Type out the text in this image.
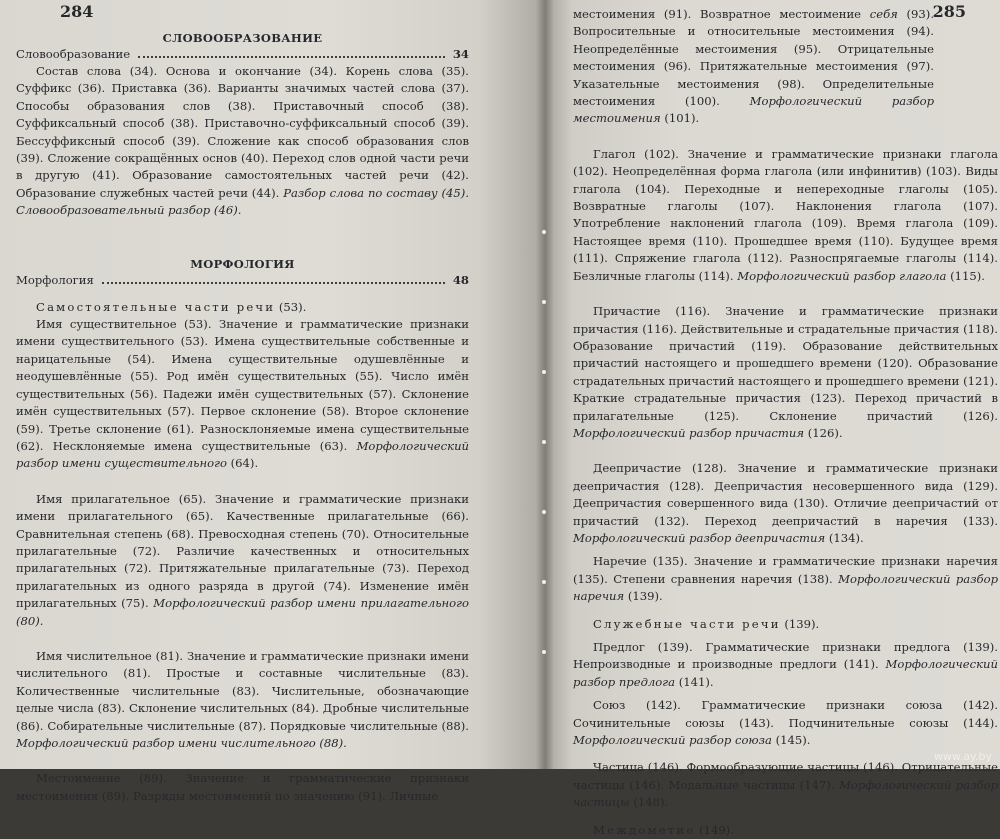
284
СЛОВООБРАЗОВАНИЕ
Словообразование	34

Состав слова (34). Основа и окончание (34). Корень слова (35). Суффикс (36). Приставка (36). Варианты значимых частей слова (37). Способы образования слов (38). Приставочный способ (38). Суффиксальный способ (38). Приставочно-суффиксальный способ (39). Бессуффиксный способ (39). Сложение как способ образования слов (39). Сложение сокращённых основ (40). Переход слов одной части речи в другую (41). Образование самостоятельных частей речи (42). Образование служебных частей речи (44). Разбор слова по составу (45). Словообразовательный разбор (46).

МОРФОЛОГИЯ
Морфология	48

Самостоятельные части речи (53).

Имя существительное (53). Значение и грамматические признаки имени существительного (53). Имена существительные собственные и нарицательные (54). Имена существительные одушевлённые и неодушевлённые (55). Род имён существительных (55). Число имён существительных (56). Падежи имён существительных (57). Склонение имён существительных (57). Первое склонение (58). Второе склонение (59). Третье склонение (61). Разносклоняемые имена существительные (62). Несклоняемые имена существительные (63). Морфологический разбор имени существительного (64).

Имя прилагательное (65). Значение и грамматические признаки имени прилагательного (65). Качественные прилагательные (66). Сравнительная степень (68). Превосходная степень (70). Относительные прилагательные (72). Различие качественных и относительных прилагательных (72). Притяжательные прилагательные (73). Переход прилагательных из одного разряда в другой (74). Изменение имён прилагательных (75). Морфологический разбор имени прилагательного (80).

Имя числительное (81). Значение и грамматические признаки имени числительного (81). Простые и составные числительные (83). Количественные числительные (83). Числительные, обозначающие целые числа (83). Склонение числительных (84). Дробные числительные (86). Собирательные числительные (87). Порядковые числительные (88). Морфологический разбор имени числительного (88).

Местоимение (89). Значение и грамматические признаки местоимения (89). Разряды местоимений по значению (91). Личные

285

местоимения (91). Возвратное местоимение себя (93). Вопросительные и относительные местоимения (94). Неопределённые местоимения (95). Отрицательные местоимения (96). Притяжательные местоимения (97). Указательные местоимения (98). Определительные местоимения (100).	Морфологический разбор местоимения (101).

Глагол (102). Значение и грамматические признаки глагола (102). Неопределённая форма глагола (или инфинитив) (103). Виды глагола (104). Переходные и непереходные глаголы (105). Возвратные глаголы (107). Наклонения глагола (107). Употребление наклонений глагола (109). Время глагола (109). Настоящее время (110). Прошедшее время (110). Будущее время (111). Спряжение глагола (112). Разноспрягаемые глаголы (114). Безличные глаголы (114). Морфологический разбор глагола (115).

Причастие (116). Значение и грамматические признаки причастия (116). Действительные и страдательные причастия (118). Образование причастий (119). Образование действительных причастий настоящего и прошедшего времени (120). Образование страдательных причастий настоящего и прошедшего времени (121). Краткие страдательные причастия (123). Переход причастий в прилагательные (125). Склонение причастий (126). Морфологический разбор причастия (126).

Деепричастие (128). Значение и грамматические признаки деепричастия (128). Деепричастия несовершенного вида (129). Деепричастия совершенного вида (130). Отличие деепричастий от причастий (132). Переход деепричастий в наречия (133). Морфологический разбор деепричастия (134).

Наречие (135). Значение и грамматические признаки наречия (135). Степени сравнения наречия (138). Морфологический разбор наречия (139).

Служебные части речи (139).

Предлог (139). Грамматические признаки предлога (139). Непроизводные и производные предлоги (141). Морфологический разбор предлога (141).

Союз (142). Грамматические признаки союза (142). Сочинительные союзы (143). Подчинительные союзы (144). Морфологический разбор союза (145).

Частица (146). Формообразующие частицы (146). Отрицательные частицы (146). Модальные частицы (147). Морфологический разбор частицы (148).

Междометие (149).

www.ay.by
